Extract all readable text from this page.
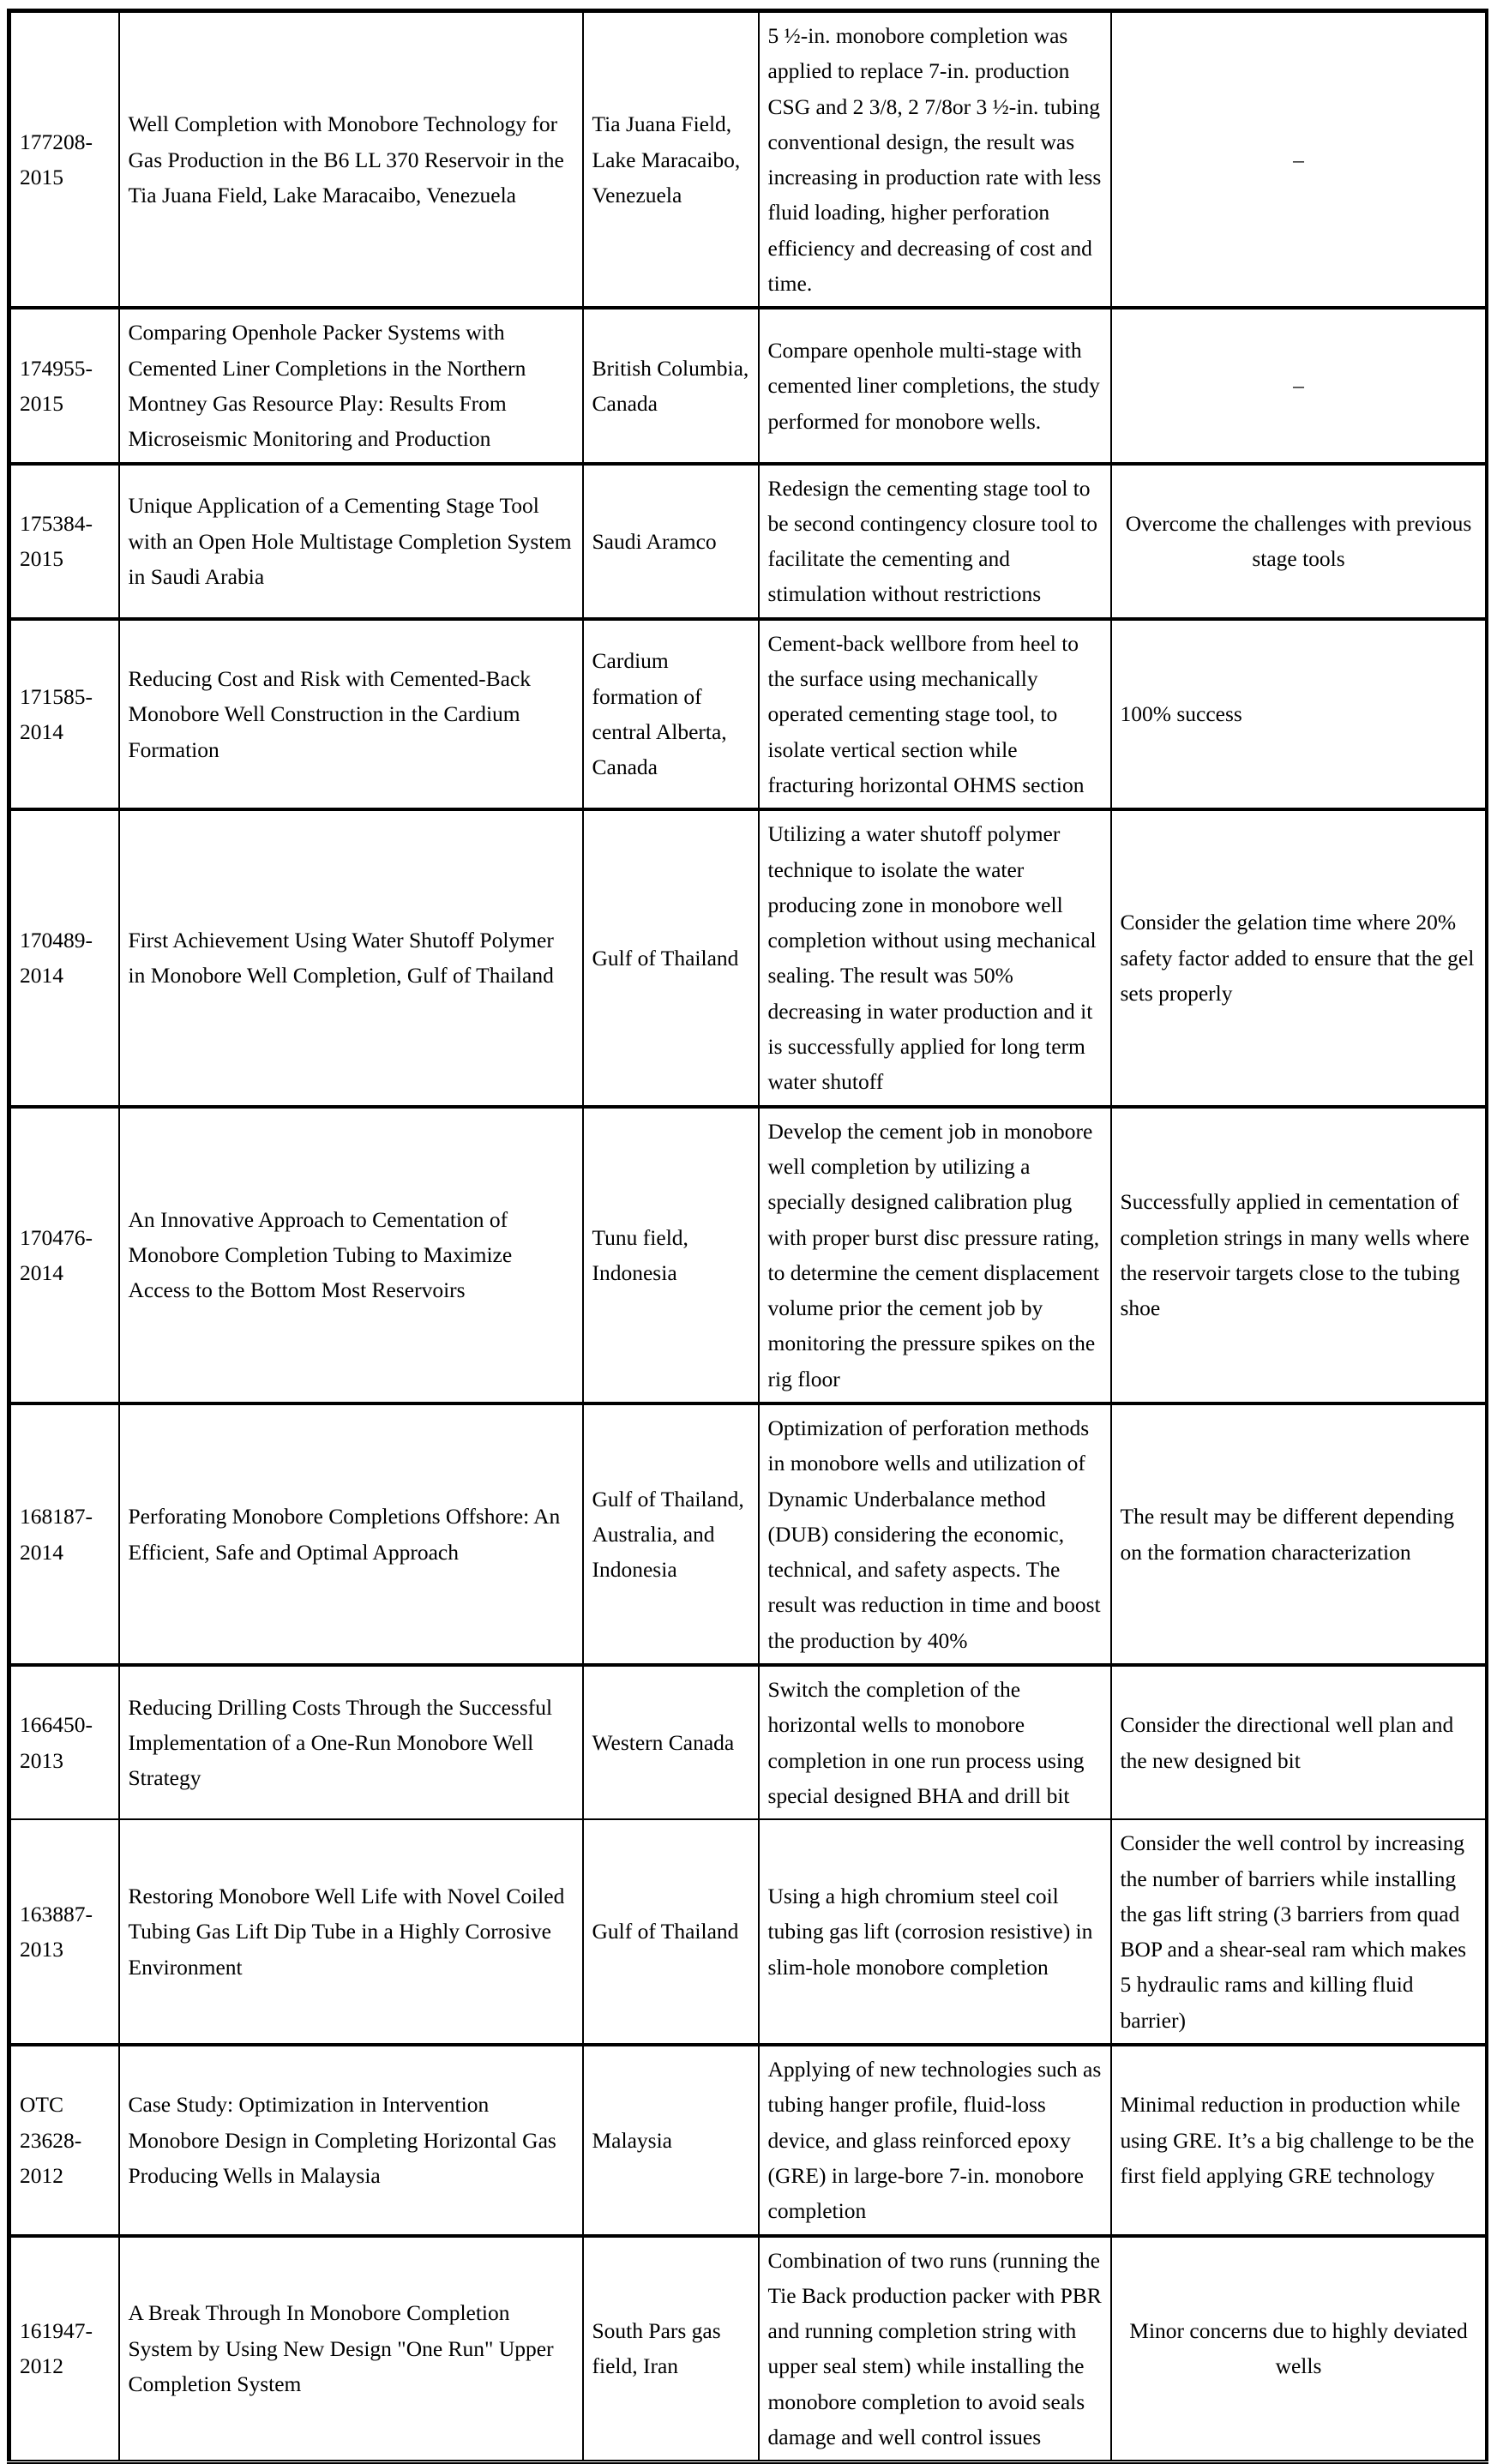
177208-2015	Well Completion with Monobore Technology for Gas Production in the B6 LL 370 Reservoir in the Tia Juana Field, Lake Maracaibo, Venezuela	Tia Juana Field, Lake Maracaibo, Venezuela	5 ½-in. monobore completion was applied to replace 7-in. production CSG and 2 3/8, 2 7/8or 3 ½-in. tubing conventional design, the result was increasing in production rate with less fluid loading, higher perforation efficiency and decreasing of cost and time.	–
174955-2015	Comparing Openhole Packer Systems with Cemented Liner Completions in the Northern Montney Gas Resource Play: Results From Microseismic Monitoring and Production	British Columbia, Canada	Compare openhole multi-stage with cemented liner completions, the study performed for monobore wells.	–
175384-2015	Unique Application of a Cementing Stage Tool with an Open Hole Multistage Completion System in Saudi Arabia	Saudi Aramco	Redesign the cementing stage tool to be second contingency closure tool to facilitate the cementing and stimulation without restrictions	Overcome the challenges with previous stage tools
171585-2014	Reducing Cost and Risk with Cemented-Back Monobore Well Construction in the Cardium Formation	Cardium formation of central Alberta, Canada	Cement-back wellbore from heel to the surface using mechanically operated cementing stage tool, to isolate vertical section while fracturing horizontal OHMS section	100% success
170489-2014	First Achievement Using Water Shutoff Polymer in Monobore Well Completion, Gulf of Thailand	Gulf of Thailand	Utilizing a water shutoff polymer technique to isolate the water producing zone in monobore well completion without using mechanical sealing. The result was 50% decreasing in water production and it is successfully applied for long term water shutoff	Consider the gelation time where 20% safety factor added to ensure that the gel sets properly
170476-2014	An Innovative Approach to Cementation of Monobore Completion Tubing to Maximize Access to the Bottom Most Reservoirs	Tunu field, Indonesia	Develop the cement job in monobore well completion by utilizing a specially designed calibration plug with proper burst disc pressure rating, to determine the cement displacement volume prior the cement job by monitoring the pressure spikes on the rig floor	Successfully applied in cementation of completion strings in many wells where the reservoir targets close to the tubing shoe
168187-2014	Perforating Monobore Completions Offshore: An Efficient, Safe and Optimal Approach	Gulf of Thailand, Australia, and Indonesia	Optimization of perforation methods in monobore wells and utilization of Dynamic Underbalance method (DUB) considering the economic, technical, and safety aspects. The result was reduction in time and boost the production by 40%	The result may be different depending on the formation characterization
166450-2013	Reducing Drilling Costs Through the Successful Implementation of a One-Run Monobore Well Strategy	Western Canada	Switch the completion of the horizontal wells to monobore completion in one run process using special designed BHA and drill bit	Consider the directional well plan and the new designed bit
163887-2013	Restoring Monobore Well Life with Novel Coiled Tubing Gas Lift Dip Tube in a Highly Corrosive Environment	Gulf of Thailand	Using a high chromium steel coil tubing gas lift (corrosion resistive) in slim-hole monobore completion	Consider the well control by increasing the number of barriers while installing the gas lift string (3 barriers from quad BOP and a shear-seal ram which makes 5 hydraulic rams and killing fluid barrier)
OTC 23628-2012	Case Study: Optimization in Intervention Monobore Design in Completing Horizontal Gas Producing Wells in Malaysia	Malaysia	Applying of new technologies such as tubing hanger profile, fluid-loss device, and glass reinforced epoxy (GRE) in large-bore 7-in. monobore completion	Minimal reduction in production while using GRE. It’s a big challenge to be the first field applying GRE technology
161947-2012	A Break Through In Monobore Completion System by Using New Design "One Run" Upper Completion System	South Pars gas field, Iran	Combination of two runs (running the Tie Back production packer with PBR and running completion string with upper seal stem) while installing the monobore completion to avoid seals damage and well control issues	Minor concerns due to highly deviated wells
